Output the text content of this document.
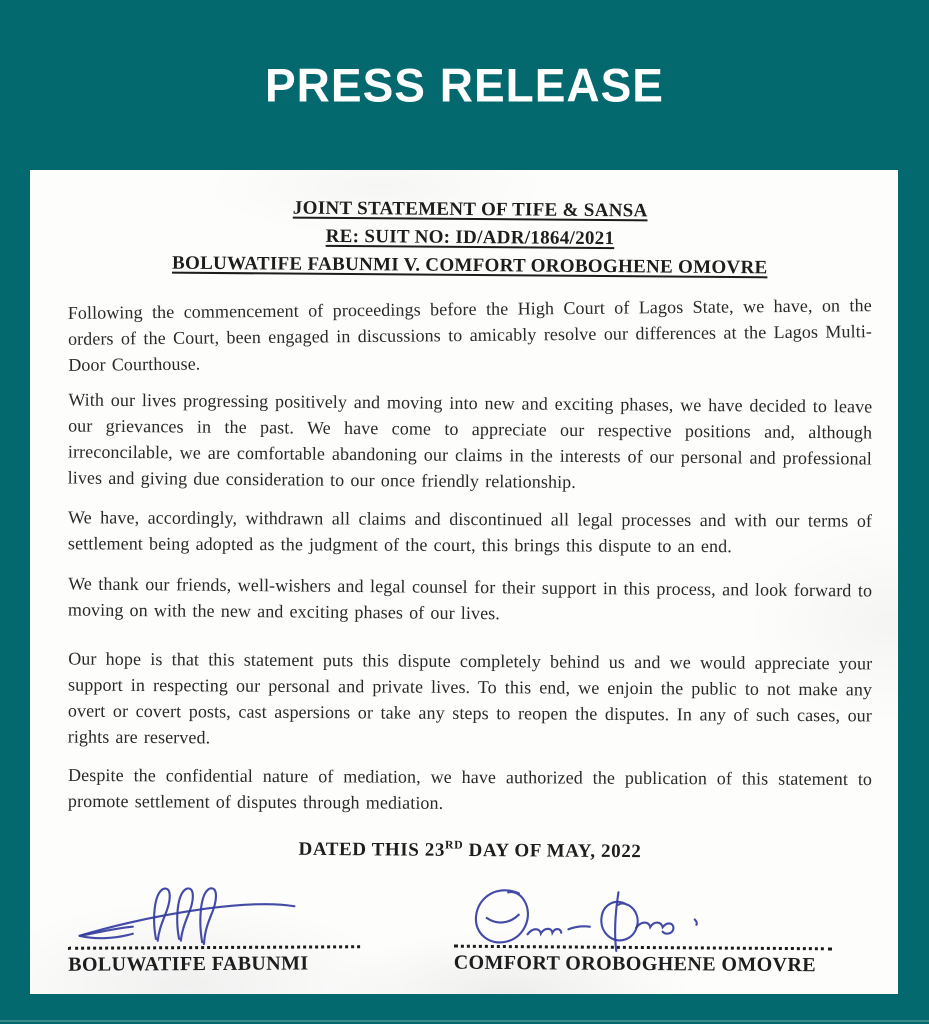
PRESS RELEASE
JOINT STATEMENT OF TIFE & SANSA
RE: SUIT NO: ID/ADR/1864/2021
BOLUWATIFE FABUNMI V. COMFORT OROBOGHENE OMOVRE

Following the commencement of proceedings before the High Court of Lagos State, we have, on the orders of the Court, been engaged in discussions to amicably resolve our differences at the Lagos Multi-Door Courthouse.

With our lives progressing positively and moving into new and exciting phases, we have decided to leave our grievances in the past. We have come to appreciate our respective positions and, although irreconcilable, we are comfortable abandoning our claims in the interests of our personal and professional lives and giving due consideration to our once friendly relationship.

We have, accordingly, withdrawn all claims and discontinued all legal processes and with our terms of settlement being adopted as the judgment of the court, this brings this dispute to an end.

We thank our friends, well-wishers and legal counsel for their support in this process, and look forward to moving on with the new and exciting phases of our lives.

Our hope is that this statement puts this dispute completely behind us and we would appreciate your support in respecting our personal and private lives. To this end, we enjoin the public to not make any overt or covert posts, cast aspersions or take any steps to reopen the disputes. In any of such cases, our rights are reserved.

Despite the confidential nature of mediation, we have authorized the publication of this statement to promote settlement of disputes through mediation.

DATED THIS 23RD DAY OF MAY, 2022
BOLUWATIFE FABUNMI	COMFORT OROBOGHENE OMOVRE
